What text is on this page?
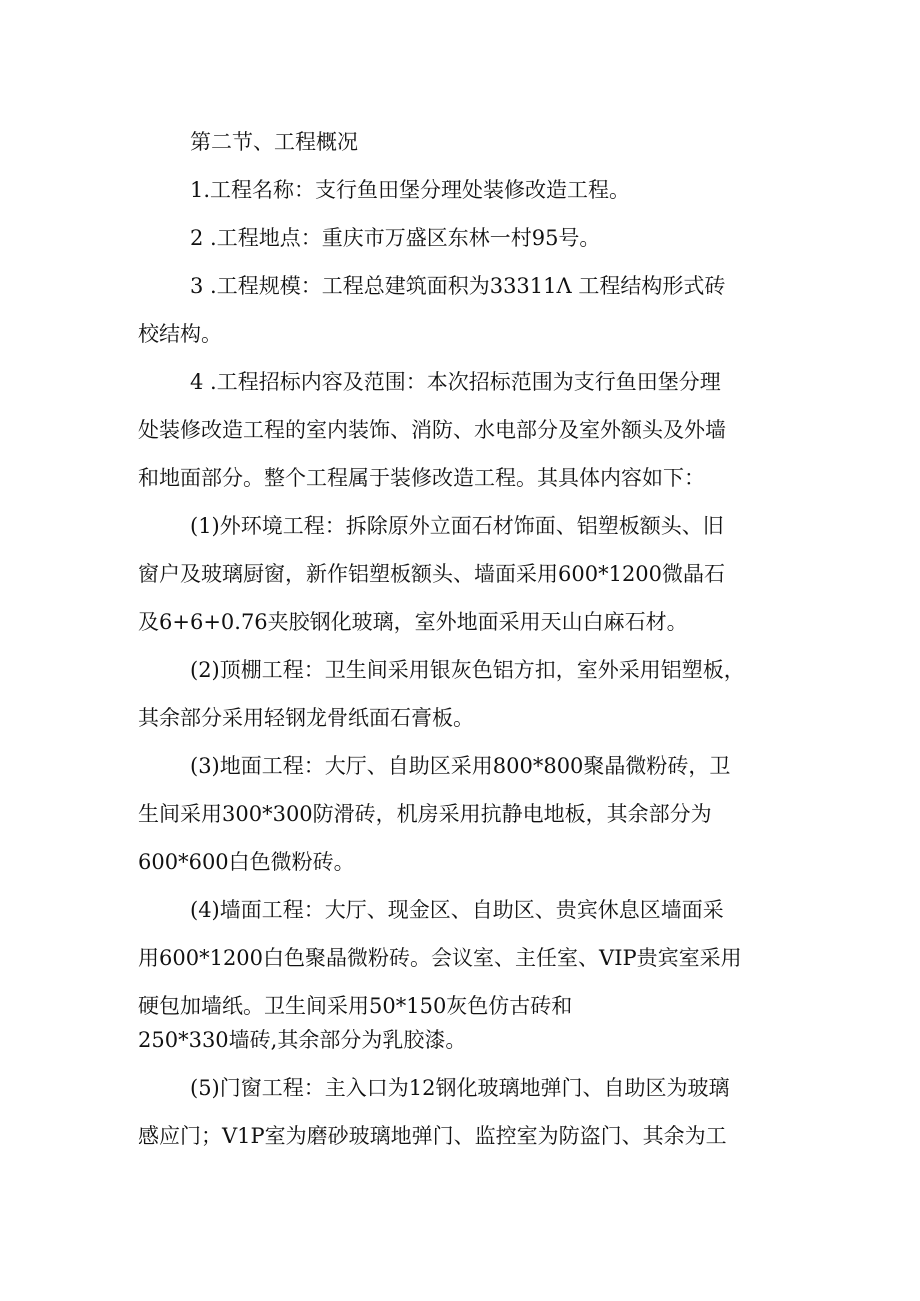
第二节、工程概况
1.工程名称：支行鱼田堡分理处装修改造工程。
2 .工程地点：重庆市万盛区东林一村95号。
3 .工程规模：工程总建筑面积为33311Λ 工程结构形式砖
校结构。
4 .工程招标内容及范围：本次招标范围为支行鱼田堡分理
处装修改造工程的室内装饰、消防、水电部分及室外额头及外墙
和地面部分。整个工程属于装修改造工程。其具体内容如下：
(1)外环境工程：拆除原外立面石材饰面、铝塑板额头、旧
窗户及玻璃厨窗，新作铝塑板额头、墙面采用600*1200微晶石
及6+6+0.76夹胶钢化玻璃，室外地面采用天山白麻石材。
(2)顶棚工程：卫生间采用银灰色铝方扣，室外采用铝塑板，
其余部分采用轻钢龙骨纸面石膏板。
(3)地面工程：大厅、自助区采用800*800聚晶微粉砖，卫
生间采用300*300防滑砖，机房采用抗静电地板，其余部分为
600*600白色微粉砖。
(4)墙面工程：大厅、现金区、自助区、贵宾休息区墙面采
用600*1200白色聚晶微粉砖。会议室、主任室、VIP贵宾室采用
硬包加墙纸。卫生间采用50*150灰色仿古砖和
250*330墙砖,其余部分为乳胶漆。
(5)门窗工程：主入口为12钢化玻璃地弹门、自助区为玻璃
感应门；V1P室为磨砂玻璃地弹门、监控室为防盗门、其余为工
